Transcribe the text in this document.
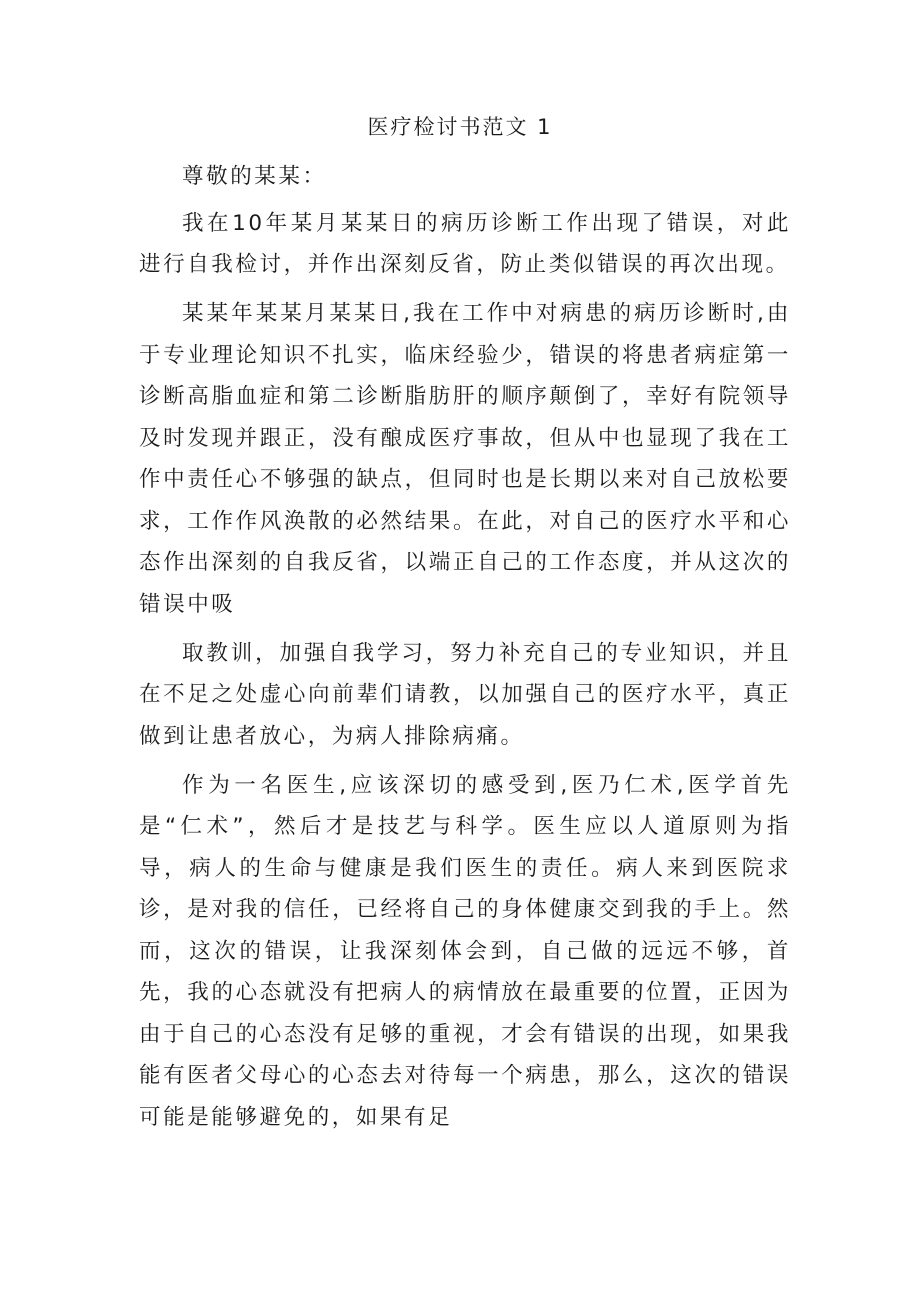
医疗检讨书范文 1

尊敬的某某：

我在10年某月某某日的病历诊断工作出现了错误，对此进行自我检讨，并作出深刻反省，防止类似错误的再次出现。

某某年某某月某某日,我在工作中对病患的病历诊断时,由于专业理论知识不扎实，临床经验少，错误的将患者病症第一诊断高脂血症和第二诊断脂肪肝的顺序颠倒了，幸好有院领导及时发现并跟正，没有酿成医疗事故，但从中也显现了我在工作中责任心不够强的缺点，但同时也是长期以来对自己放松要求，工作作风涣散的必然结果。在此，对自己的医疗水平和心态作出深刻的自我反省，以端正自己的工作态度，并从这次的错误中吸

取教训，加强自我学习，努力补充自己的专业知识，并且在不足之处虚心向前辈们请教，以加强自己的医疗水平，真正做到让患者放心，为病人排除病痛。

作为一名医生,应该深切的感受到,医乃仁术,医学首先是“仁术”，然后才是技艺与科学。医生应以人道原则为指导，病人的生命与健康是我们医生的责任。病人来到医院求诊，是对我的信任，已经将自己的身体健康交到我的手上。然而，这次的错误，让我深刻体会到，自己做的远远不够，首先，我的心态就没有把病人的病情放在最重要的位置，正因为由于自己的心态没有足够的重视，才会有错误的出现，如果我能有医者父母心的心态去对待每一个病患，那么，这次的错误可能是能够避免的，如果有足
